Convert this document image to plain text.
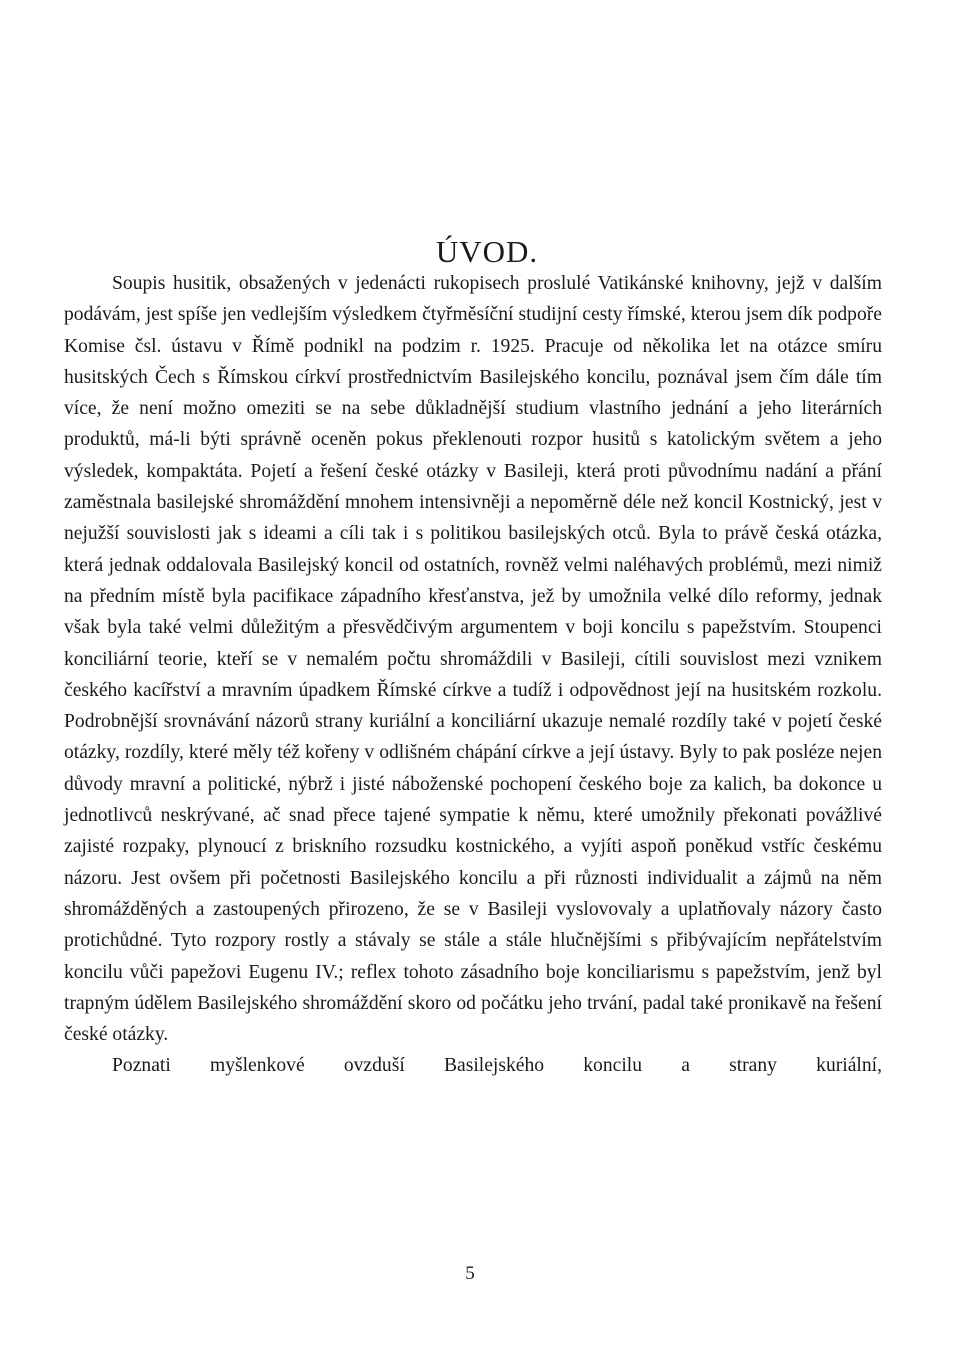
ÚVOD.

Soupis husitik, obsažených v jedenácti rukopisech proslulé Vatikánské knihovny, jejž v dalším podávám, jest spíše jen vedlejším výsledkem čtyřměsíční studijní cesty římské, kterou jsem dík podpoře Komise čsl. ústavu v Římě podnikl na podzim r. 1925. Pracuje od několika let na otázce smíru husitských Čech s Římskou církví prostřednictvím Basilejského koncilu, poznával jsem čím dále tím více, že není možno omeziti se na sebe důkladnější studium vlastního jednání a jeho literárních produktů, má-li býti správně oceněn pokus překlenouti rozpor husitů s katolickým světem a jeho výsledek, kompaktáta. Pojetí a řešení české otázky v Basileji, která proti původnímu nadání a přání zaměstnala basilejské shromáždění mnohem intensivněji a nepoměrně déle než koncil Kostnický, jest v nejužší souvislosti jak s ideami a cíli tak i s politikou basilejských otců. Byla to právě česká otázka, která jednak oddalovala Basilejský koncil od ostatních, rovněž velmi naléhavých problémů, mezi nimiž na předním místě byla pacifikace západního křesťanstva, jež by umožnila velké dílo reformy, jednak však byla také velmi důležitým a přesvědčivým argumentem v boji koncilu s papežstvím. Stoupenci konciliární teorie, kteří se v nemalém počtu shromáždili v Basileji, cítili souvislost mezi vznikem českého kacířství a mravním úpadkem Římské církve a tudíž i odpovědnost její na husitském rozkolu. Podrobnější srovnávání názorů strany kuriální a konciliární ukazuje nemalé rozdíly také v pojetí české otázky, rozdíly, které měly též kořeny v odlišném chápání církve a její ústavy. Byly to pak posléze nejen důvody mravní a politické, nýbrž i jisté náboženské pochopení českého boje za kalich, ba dokonce u jednotlivců neskrývané, ač snad přece tajené sympatie k němu, které umožnily překonati povážlivé zajisté rozpaky, plynoucí z briskního rozsudku kostnického, a vyjíti aspoň poněkud vstříc českému názoru. Jest ovšem při početnosti Basilejského koncilu a při různosti individualit a zájmů na něm shromážděných a zastoupených přirozeno, že se v Basileji vyslovovaly a uplatňovaly názory často protichůdné. Tyto rozpory rostly a stávaly se stále a stále hlučnějšími s přibývajícím nepřátelstvím koncilu vůči papežovi Eugenu IV.; reflex tohoto zásadního boje konciliarismu s papežstvím, jenž byl trapným údělem Basilejského shromáždění skoro od počátku jeho trvání, padal také pronikavě na řešení české otázky.

Poznati myšlenkové ovzduší Basilejského koncilu a strany kuriální,

5
